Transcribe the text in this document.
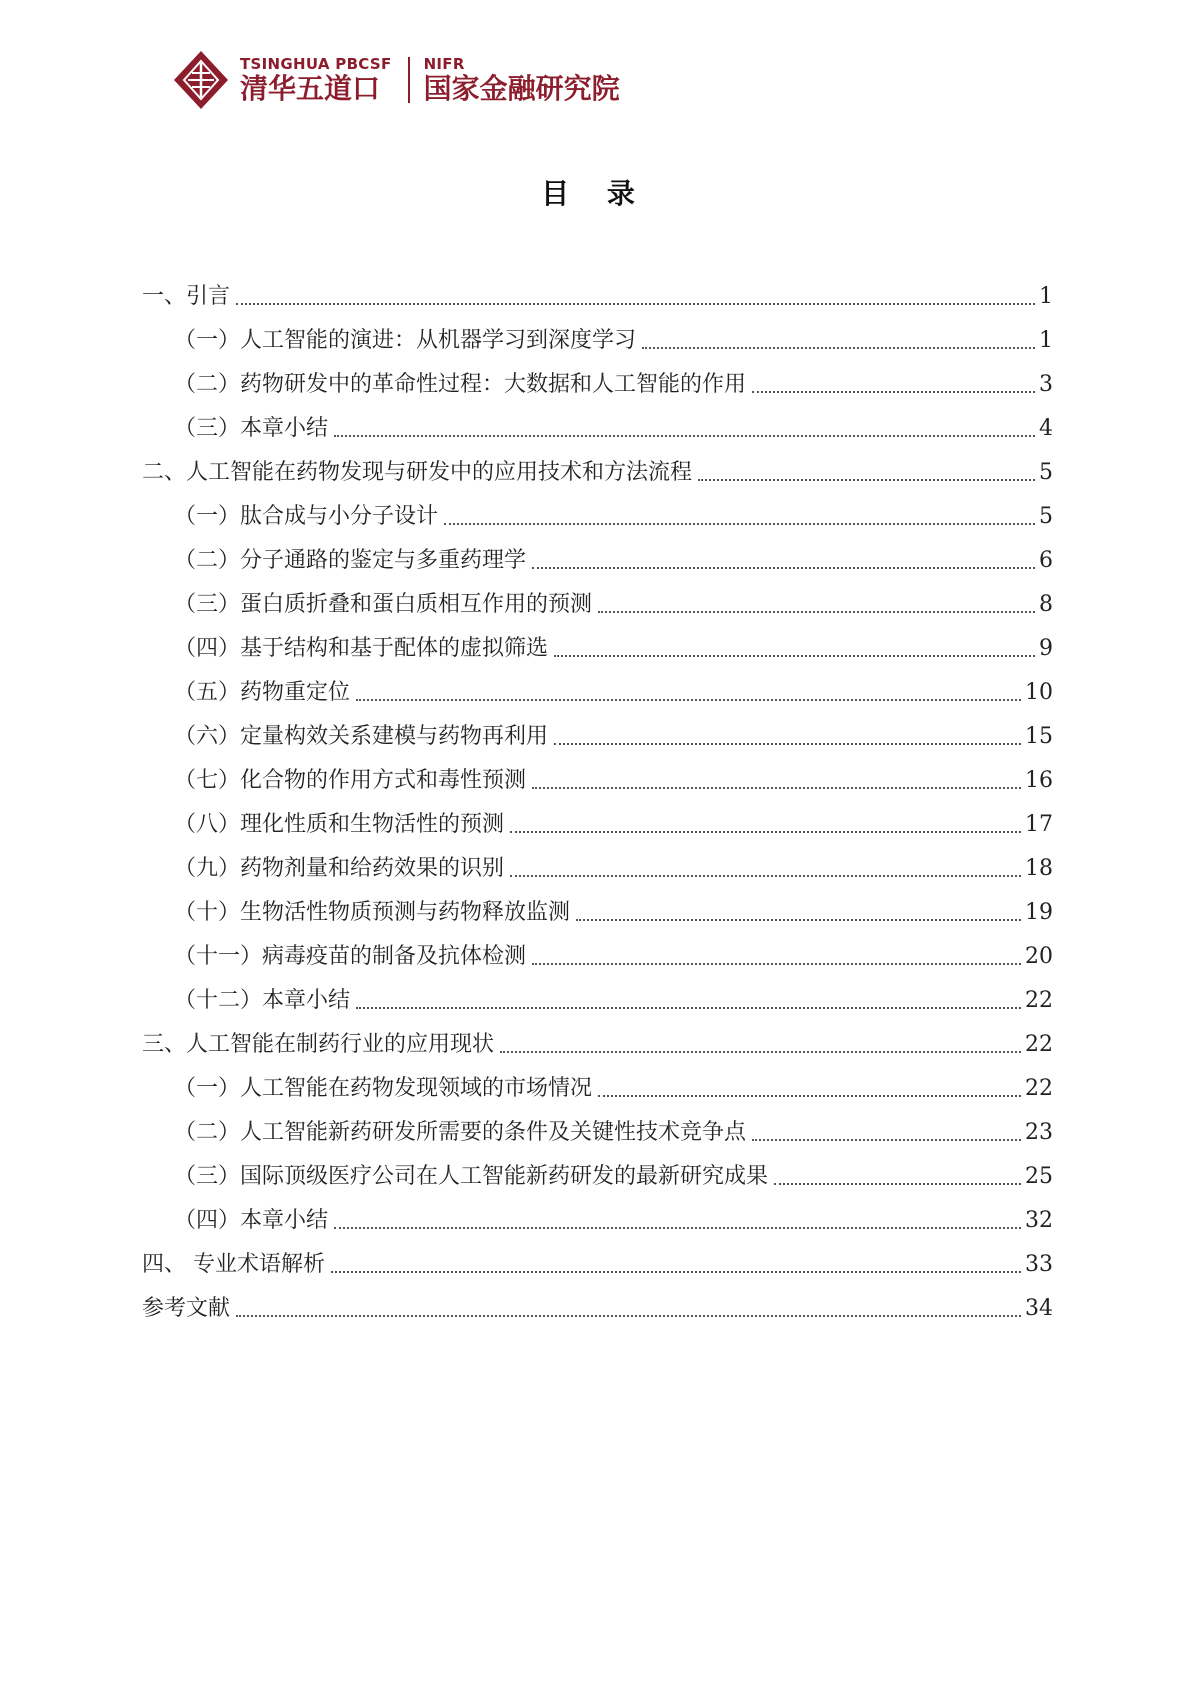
TSINGHUA PBCSF
清华五道口
NIFR
国家金融研究院
目 录
一、引言	1
（一）人工智能的演进：从机器学习到深度学习	1
（二）药物研发中的革命性过程：大数据和人工智能的作用	3
（三）本章小结	4
二、人工智能在药物发现与研发中的应用技术和方法流程	5
（一）肽合成与小分子设计	5
（二）分子通路的鉴定与多重药理学	6
（三）蛋白质折叠和蛋白质相互作用的预测	8
（四）基于结构和基于配体的虚拟筛选	9
（五）药物重定位	10
（六）定量构效关系建模与药物再利用	15
（七）化合物的作用方式和毒性预测	16
（八）理化性质和生物活性的预测	17
（九）药物剂量和给药效果的识别	18
（十）生物活性物质预测与药物释放监测	19
（十一）病毒疫苗的制备及抗体检测	20
（十二）本章小结	22
三、人工智能在制药行业的应用现状	22
（一）人工智能在药物发现领域的市场情况	22
（二）人工智能新药研发所需要的条件及关键性技术竞争点	23
（三）国际顶级医疗公司在人工智能新药研发的最新研究成果	25
（四）本章小结	32
四、 专业术语解析	33
参考文献	34
